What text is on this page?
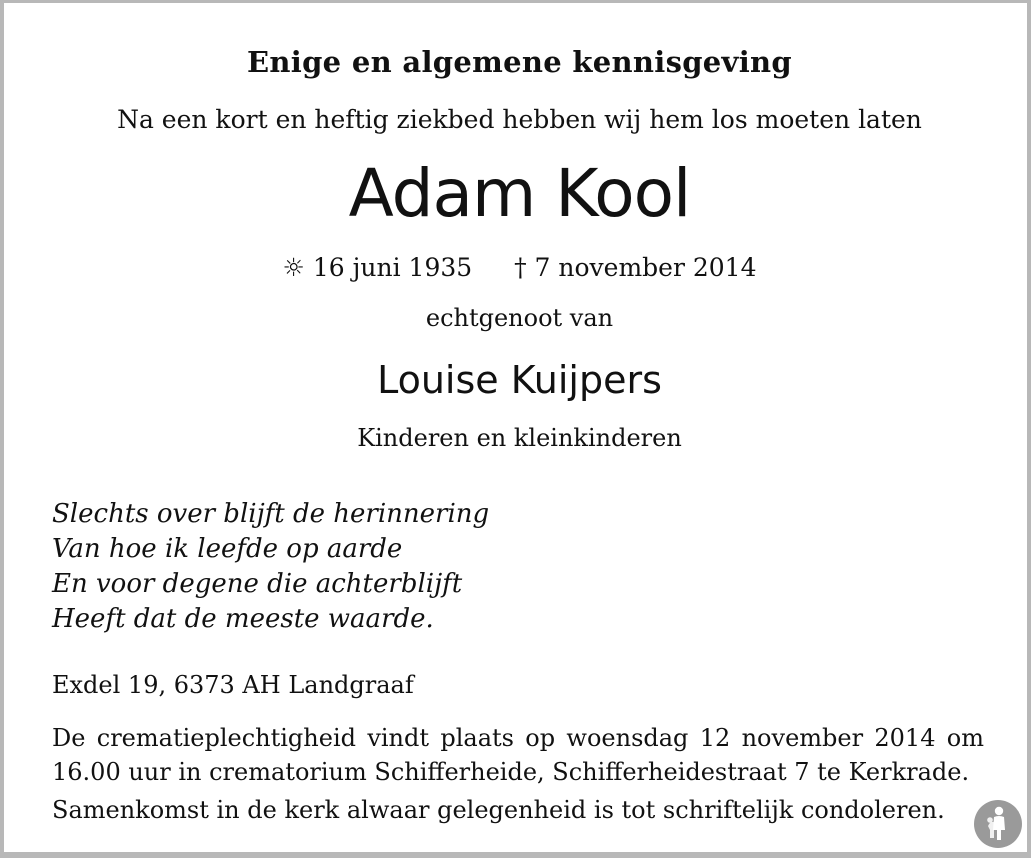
Enige en algemene kennisgeving
Na een kort en heftig ziekbed hebben wij hem los moeten laten
Adam Kool
☼ 16 juni 1935 † 7 november 2014
echtgenoot van
Louise Kuijpers
Kinderen en kleinkinderen
Slechts over blijft de herinnering
Van hoe ik leefde op aarde
En voor degene die achterblijft
Heeft dat de meeste waarde.
Exdel 19, 6373 AH Landgraaf
De crematieplechtigheid vindt plaats op woensdag 12 november 2014 om 16.00 uur in crematorium Schifferheide, Schifferheidestraat 7 te Kerkrade.
Samenkomst in de kerk alwaar gelegenheid is tot schriftelijk condoleren.
